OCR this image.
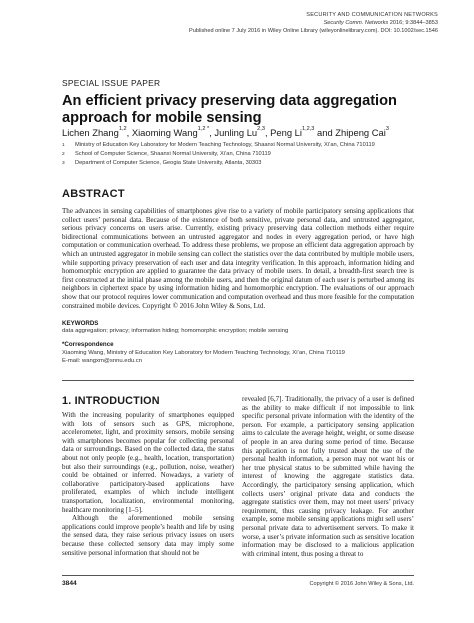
SECURITY AND COMMUNICATION NETWORKS
Security Comm. Networks 2016; 9:3844–3853
Published online 7 July 2016 in Wiley Online Library (wileyonlinelibrary.com). DOI: 10.1002/sec.1546
SPECIAL ISSUE PAPER
An efficient privacy preserving data aggregation approach for mobile sensing
Lichen Zhang$^{1,2}$, Xiaoming Wang$^{1,2 *}$, Junling Lu$^{2,3}$, Peng Li$^{1,2,3}$ and Zhipeng Cai$^3$
1 Ministry of Education Key Laboratory for Modern Teaching Technology, Shaanxi Normal University, Xi’an, China 710119
2 School of Computer Science, Shaanxi Normal University, Xi’an, China 710119
3 Department of Computer Science, Geogia State University, Atlanta, 30303
ABSTRACT
The advances in sensing capabilities of smartphones give rise to a variety of mobile participatory sensing applications that collect users’ personal data. Because of the existence of both sensitive, private personal data, and untrusted aggregator, serious privacy concerns on users arise. Currently, existing privacy preserving data collection methods either require bidirectional communications between an untrusted aggregator and nodes in every aggregation period, or have high computation or communication overhead. To address these problems, we propose an efficient data aggregation approach by which an untrusted aggregator in mobile sensing can collect the statistics over the data contributed by multiple mobile users, while supporting privacy preservation of each user and data integrity verification. In this approach, information hiding and homomorphic encryption are applied to guarantee the data privacy of mobile users. In detail, a breadth-first search tree is first constructed at the initial phase among the mobile users, and then the original datum of each user is perturbed among its neighbors in ciphertext space by using information hiding and homomorphic encryption. The evaluations of our approach show that our protocol requires lower communication and computation overhead and thus more feasible for the computation constrained mobile devices. Copyright © 2016 John Wiley & Sons, Ltd.
KEYWORDS
data aggregation; privacy; information hiding; homomorphic encryption; mobile sensing
*Correspondence
Xiaoming Wang, Ministry of Education Key Laboratory for Modern Teaching Technology, Xi’an, China 710119
E-mail: wangxm@snnu.edu.cn
1. INTRODUCTION

With the increasing popularity of smartphones equipped with lots of sensors such as GPS, microphone, accelerometer, light, and proximity sensors, mobile sensing with smartphones becomes popular for collecting personal data or surroundings. Based on the collected data, the status about not only people (e.g., health, location, transportation) but also their surroundings (e.g., pollution, noise, weather) could be obtained or inferred. Nowadays, a variety of collaborative participatory-based applications have proliferated, examples of which include intelligent transportation, localization, environmental monitoring, healthcare monitoring [1–5].

Although the aforementioned mobile sensing applications could improve people’s health and life by using the sensed data, they raise serious privacy issues on users because these collected sensory data may imply some sensitive personal information that should not be

revealed [6,7]. Traditionally, the privacy of a user is defined as the ability to make difficult if not impossible to link specific personal private information with the identity of the person. For example, a participatory sensing application aims to calculate the average height, weight, or some disease of people in an area during some period of time. Because this application is not fully trusted about the use of the personal health information, a person may not want his or her true physical status to be submitted while having the interest of knowing the aggregate statistics data. Accordingly, the participatory sensing application, which collects users’ original private data and conducts the aggregate statistics over them, may not meet users’ privacy requirement, thus causing privacy leakage. For another example, some mobile sensing applications might sell users’ personal private data to advertisement servers. To make it worse, a user’s private information such as sensitive location information may be disclosed to a malicious application with criminal intent, thus posing a threat to

3844	Copyright © 2016 John Wiley & Sons, Ltd.
